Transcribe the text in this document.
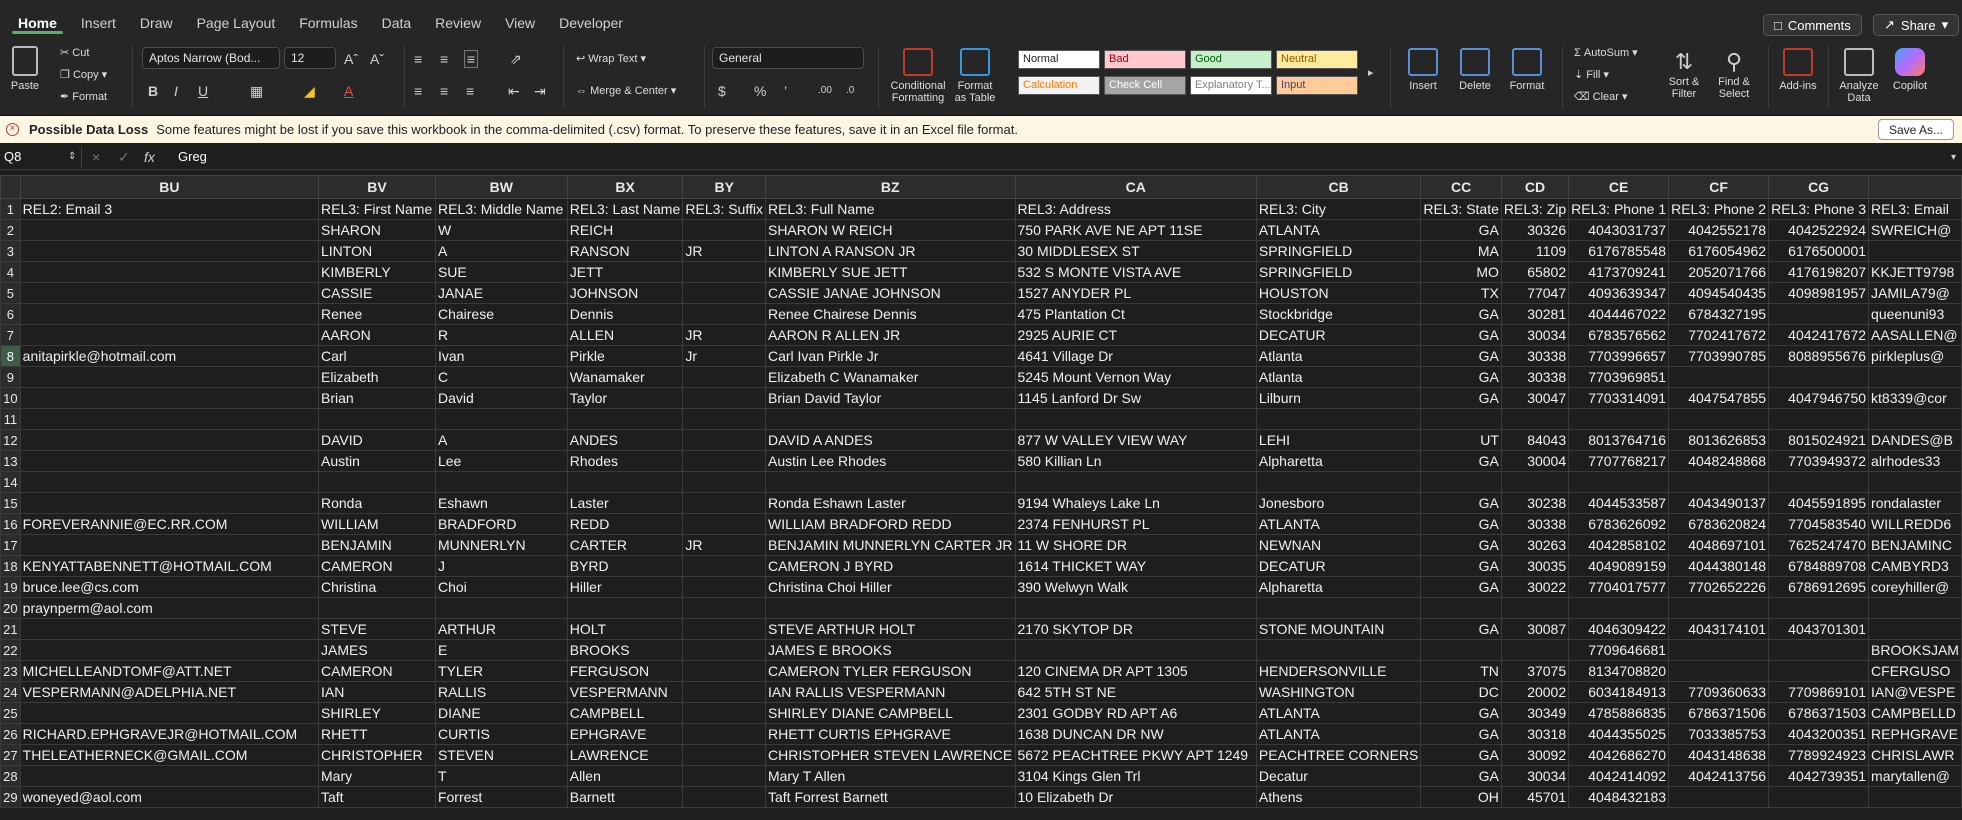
Home	Insert	Draw	Page Layout	Formulas	Data	Review	View	Developer	□ Comments	↗ Share ▾
Paste
✂ Cut
❐ Copy ▾
✒ Format
Aptos Narrow (Bod...	12	Aˆ Aˇ
B I U	▦	◢ A
≡ ≡ ≡ ⇗
≡ ≡ ≡ ⇤ ⇥
↩ Wrap Text ▾
⇔ Merge & Center ▾
General
$ % ’	.00 .0	Conditional Formatting
Format as Table
Normal	Bad	Good	Neutral
Calculation	Check Cell	Explanatory T... Input
▸
Insert	Delete	Format
Σ AutoSum ▾
⇣ Fill ▾
⌫ Clear ▾
⇅
Sort & Filter
⚲
Find & Select
Add-ins	Analyze Data
Copilot
× Possible Data Loss Some features might be lost if you save this workbook in the comma-delimited (.csv) format. To preserve these features, save it in an Excel file format.	Save As...
Q8	⇕ × ✓ fx Greg	▾
	BU	BV	BW	BX	BY	BZ	CA	CB	CC	CD	CE	CF	CG	
1	REL2: Email 3	REL3: First Name	REL3: Middle Name	REL3: Last Name	REL3: Suffix	REL3: Full Name	REL3: Address	REL3: City	REL3: State	REL3: Zip	REL3: Phone 1	REL3: Phone 2	REL3: Phone 3	REL3: Email
2		SHARON	W	REICH		SHARON W REICH	750 PARK AVE NE APT 11SE	ATLANTA	GA	30326	4043031737	4042552178	4042522924	SWREICH@
3		LINTON	A	RANSON	JR	LINTON A RANSON JR	30 MIDDLESEX ST	SPRINGFIELD	MA	1109	6176785548	6176054962	6176500001	
4		KIMBERLY	SUE	JETT		KIMBERLY SUE JETT	532 S MONTE VISTA AVE	SPRINGFIELD	MO	65802	4173709241	2052071766	4176198207	KKJETT9798
5		CASSIE	JANAE	JOHNSON		CASSIE JANAE JOHNSON	1527 ANYDER PL	HOUSTON	TX	77047	4093639347	4094540435	4098981957	JAMILA79@
6		Renee	Chairese	Dennis		Renee Chairese Dennis	475 Plantation Ct	Stockbridge	GA	30281	4044467022	6784327195		queenuni93
7		AARON	R	ALLEN	JR	AARON R ALLEN JR	2925 AURIE CT	DECATUR	GA	30034	6783576562	7702417672	4042417672	AASALLEN@
8	anitapirkle@hotmail.com	Carl	Ivan	Pirkle	Jr	Carl Ivan Pirkle Jr	4641 Village Dr	Atlanta	GA	30338	7703996657	7703990785	8088955676	pirkleplus@
9		Elizabeth	C	Wanamaker		Elizabeth C Wanamaker	5245 Mount Vernon Way	Atlanta	GA	30338	7703969851			
10		Brian	David	Taylor		Brian David Taylor	1145 Lanford Dr Sw	Lilburn	GA	30047	7703314091	4047547855	4047946750	kt8339@cor
11														
12		DAVID	A	ANDES		DAVID A ANDES	877 W VALLEY VIEW WAY	LEHI	UT	84043	8013764716	8013626853	8015024921	DANDES@B
13		Austin	Lee	Rhodes		Austin Lee Rhodes	580 Killian Ln	Alpharetta	GA	30004	7707768217	4048248868	7703949372	alrhodes33
14														
15		Ronda	Eshawn	Laster		Ronda Eshawn Laster	9194 Whaleys Lake Ln	Jonesboro	GA	30238	4044533587	4043490137	4045591895	rondalaster
16	FOREVERANNIE@EC.RR.COM	WILLIAM	BRADFORD	REDD		WILLIAM BRADFORD REDD	2374 FENHURST PL	ATLANTA	GA	30338	6783626092	6783620824	7704583540	WILLREDD6
17		BENJAMIN	MUNNERLYN	CARTER	JR	BENJAMIN MUNNERLYN CARTER JR	11 W SHORE DR	NEWNAN	GA	30263	4042858102	4048697101	7625247470	BENJAMINC
18	KENYATTABENNETT@HOTMAIL.COM	CAMERON	J	BYRD		CAMERON J BYRD	1614 THICKET WAY	DECATUR	GA	30035	4049089159	4044380148	6784889708	CAMBYRD3
19	bruce.lee@cs.com	Christina	Choi	Hiller		Christina Choi Hiller	390 Welwyn Walk	Alpharetta	GA	30022	7704017577	7702652226	6786912695	coreyhiller@
20	praynperm@aol.com													
21		STEVE	ARTHUR	HOLT		STEVE ARTHUR HOLT	2170 SKYTOP DR	STONE MOUNTAIN	GA	30087	4046309422	4043174101	4043701301	
22		JAMES	E	BROOKS		JAMES E BROOKS					7709646681			BROOKSJAM
23	MICHELLEANDTOMF@ATT.NET	CAMERON	TYLER	FERGUSON		CAMERON TYLER FERGUSON	120 CINEMA DR APT 1305	HENDERSONVILLE	TN	37075	8134708820			CFERGUSO
24	VESPERMANN@ADELPHIA.NET	IAN	RALLIS	VESPERMANN		IAN RALLIS VESPERMANN	642 5TH ST NE	WASHINGTON	DC	20002	6034184913	7709360633	7709869101	IAN@VESPE
25		SHIRLEY	DIANE	CAMPBELL		SHIRLEY DIANE CAMPBELL	2301 GODBY RD APT A6	ATLANTA	GA	30349	4785886835	6786371506	6786371503	CAMPBELLD
26	RICHARD.EPHGRAVEJR@HOTMAIL.COM	RHETT	CURTIS	EPHGRAVE		RHETT CURTIS EPHGRAVE	1638 DUNCAN DR NW	ATLANTA	GA	30318	4044355025	7033385753	4043200351	REPHGRAVE
27	THELEATHERNECK@GMAIL.COM	CHRISTOPHER	STEVEN	LAWRENCE		CHRISTOPHER STEVEN LAWRENCE	5672 PEACHTREE PKWY APT 1249	PEACHTREE CORNERS	GA	30092	4042686270	4043148638	7789924923	CHRISLAWR
28		Mary	T	Allen		Mary T Allen	3104 Kings Glen Trl	Decatur	GA	30034	4042414092	4042413756	4042739351	marytallen@
29	woneyed@aol.com	Taft	Forrest	Barnett		Taft Forrest Barnett	10 Elizabeth Dr	Athens	OH	45701	4048432183			
